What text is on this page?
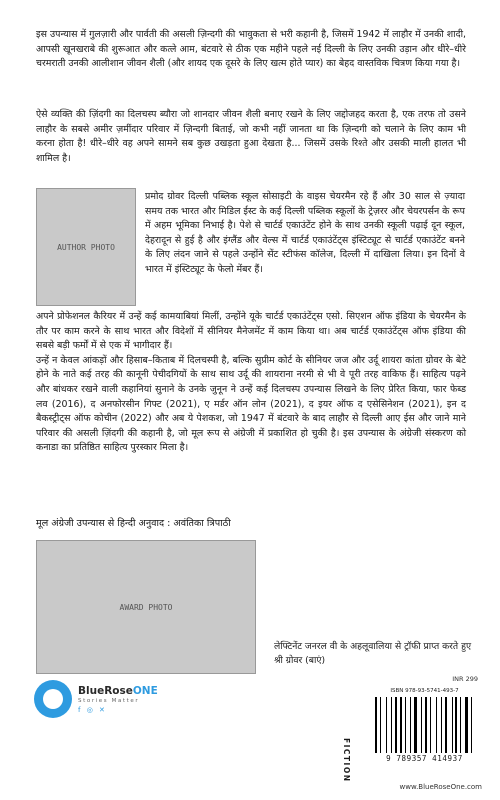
इस उपन्यास में गुलज़ारी और पार्वती की असली ज़िन्दगी की भावुकता से भरी कहानी है, जिसमें 1942 में लाहौर में उनकी शादी, आपसी खूनखराबे की शुरूआत और कत्ले आम, बंटवारे से ठीक एक महीने पहले नई दिल्ली के लिए उनकी उड़ान और धीरे–धीरे चरमराती उनकी आलीशान जीवन शैली (और शायद एक दूसरे के लिए खत्म होते प्यार) का बेहद वास्तविक चित्रण किया गया है।
ऐसे व्यक्ति की ज़िंदगी का दिलचस्प ब्यौरा जो शानदार जीवन शैली बनाए रखने के लिए जद्दोजहद करता है, एक तरफ तो उसने लाहौर के सबसे अमीर ज़मींदार परिवार में ज़िन्दगी बिताई, जो कभी नहीं जानता था कि ज़िन्दगी को चलाने के लिए काम भी करना होता है! धीरे–धीरे वह अपने सामने सब कुछ उखड़ता हुआ देखता है... जिसमें उसके रिश्ते और उसकी माली हालत भी शामिल है।
AUTHOR PHOTO
प्रमोद ग्रोवर दिल्ली पब्लिक स्कूल सोसाइटी के वाइस चेयरमैन रहे हैं और 30 साल से ज़्यादा समय तक भारत और मिडिल ईस्ट के कई दिल्ली पब्लिक स्कूलों के ट्रेज़रर और चेयरपर्सन के रूप में अहम भूमिका निभाई है। पेशे से चार्टर्ड एकाउंटेंट होने के साथ उनकी स्कूली पढ़ाई दून स्कूल, देहरादून से हुई है और इंग्लैंड और वेल्स में चार्टर्ड एकाउंटेंट्स इंस्टिट्यूट से चार्टर्ड एकाउंटेंट बनने के लिए लंदन जाने से पहले उन्होंने सेंट स्टीफंस कॉलेज, दिल्ली में दाखिला लिया। इन दिनों वे भारत में इंस्टिट्यूट के फेलो मेंबर हैं।
अपने प्रोफेशनल कैरियर में उन्हें कई कामयाबियां मिलीं, उन्होंने यूके चार्टर्ड एकाउंटेंट्स एसो. सिएशन ऑफ इंडिया के चेयरमैन के तौर पर काम करने के साथ भारत और विदेशों में सीनियर मैनेजमेंट में काम किया था। अब चार्टर्ड एकाउंटेंट्स ऑफ इंडिया की सबसे बड़ी फर्मों में से एक में भागीदार हैं।
उन्हें न केवल आंकड़ों और हिसाब–किताब में दिलचस्पी है, बल्कि सुप्रीम कोर्ट के सीनियर जज और उर्दू शायरा कांता ग्रोवर के बेटे होने के नाते कई तरह की कानूनी पेचीदगियों के साथ साथ उर्दू की शायराना नरमी से भी वे पूरी तरह वाकिफ हैं। साहित्य पढ़ने और बांधकर रखने वाली कहानियां सुनाने के उनके जुनून ने उन्हें कई दिलचस्प उपन्यास लिखने के लिए प्रेरित किया, फार फेब्ड लव (2016), द अनफोरसीन गिफ्ट (2021), ए मर्डर ऑन लोन (2021), द इयर ऑफ द एसेसिनेशन (2021), इन द बैकस्ट्रीट्स ऑफ कोचीन (2022) और अब ये पेशकश, जो 1947 में बंटवारे के बाद लाहौर से दिल्ली आए ईस और जाने माने परिवार की असली ज़िंदगी की कहानी है, जो मूल रूप से अंग्रेजी में प्रकाशित हो चुकी है। इस उपन्यास के अंग्रेजी संस्करण को कनाडा का प्रतिष्ठित साहित्य पुरस्कार मिला है।
मूल अंग्रेजी उपन्यास से हिन्दी अनुवाद : अवंतिका त्रिपाठी
AWARD PHOTO
लेफ्टिनेंट जनरल वी के अहलूवालिया से ट्रॉफी प्राप्त करते हुए श्री ग्रोवर (बाएं)
INR 299
FICTION
ISBN 978-93-5741-493-7
9 789357 414937
www.BlueRoseOne.com
BlueRoseONE
Stories Matter
f ◎ ✕
